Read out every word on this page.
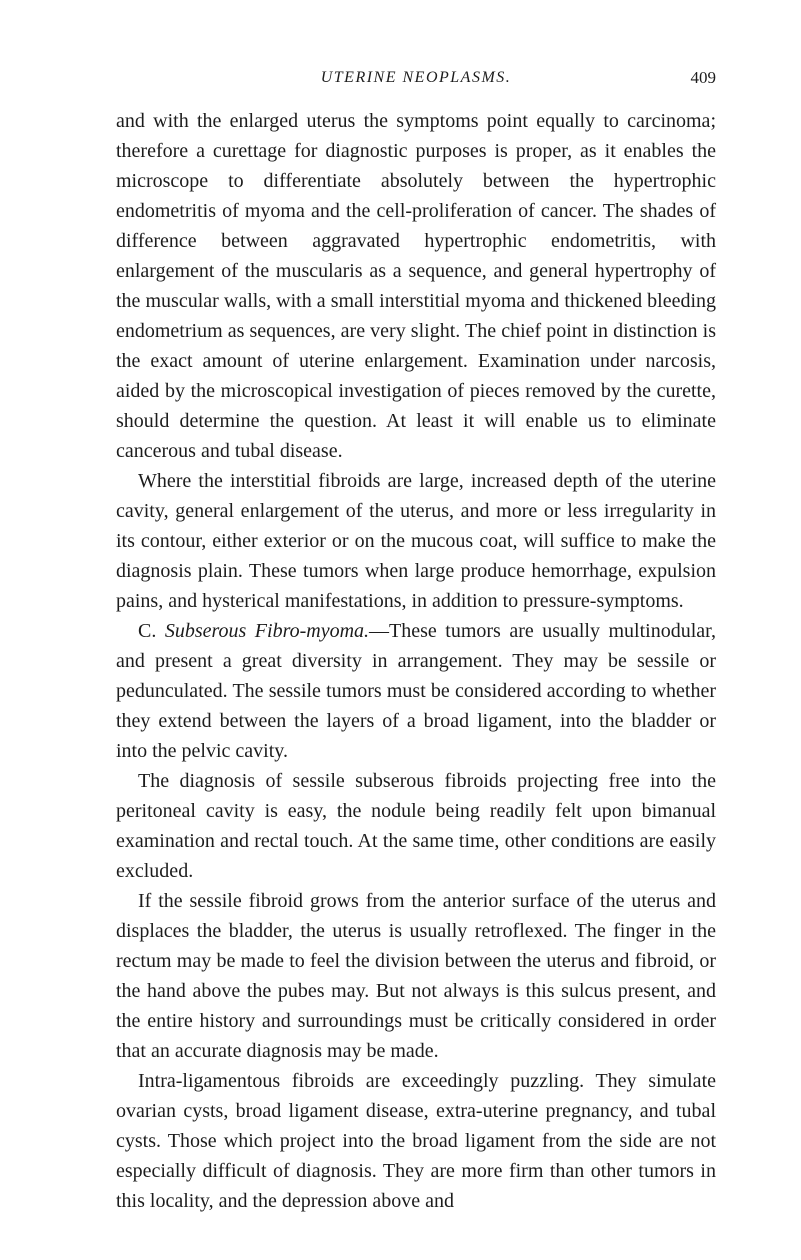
UTERINE NEOPLASMS.	409

and with the enlarged uterus the symptoms point equally to carcinoma; therefore a curettage for diagnostic purposes is proper, as it enables the microscope to differentiate absolutely between the hypertrophic endometritis of myoma and the cell-proliferation of cancer. The shades of difference between aggravated hypertrophic endometritis, with enlargement of the muscularis as a sequence, and general hypertrophy of the muscular walls, with a small interstitial myoma and thickened bleeding endometrium as sequences, are very slight. The chief point in distinction is the exact amount of uterine enlargement. Examination under narcosis, aided by the microscopical investigation of pieces removed by the curette, should determine the question. At least it will enable us to eliminate cancerous and tubal disease.

Where the interstitial fibroids are large, increased depth of the uterine cavity, general enlargement of the uterus, and more or less irregularity in its contour, either exterior or on the mucous coat, will suffice to make the diagnosis plain. These tumors when large produce hemorrhage, expulsion pains, and hysterical manifestations, in addition to pressure-symptoms.

C. Subserous Fibro-myoma.—These tumors are usually multinodular, and present a great diversity in arrangement. They may be sessile or pedunculated. The sessile tumors must be considered according to whether they extend between the layers of a broad ligament, into the bladder or into the pelvic cavity.

The diagnosis of sessile subserous fibroids projecting free into the peritoneal cavity is easy, the nodule being readily felt upon bimanual examination and rectal touch. At the same time, other conditions are easily excluded.

If the sessile fibroid grows from the anterior surface of the uterus and displaces the bladder, the uterus is usually retroflexed. The finger in the rectum may be made to feel the division between the uterus and fibroid, or the hand above the pubes may. But not always is this sulcus present, and the entire history and surroundings must be critically considered in order that an accurate diagnosis may be made.

Intra-ligamentous fibroids are exceedingly puzzling. They simulate ovarian cysts, broad ligament disease, extra-uterine pregnancy, and tubal cysts. Those which project into the broad ligament from the side are not especially difficult of diagnosis. They are more firm than other tumors in this locality, and the depression above and
